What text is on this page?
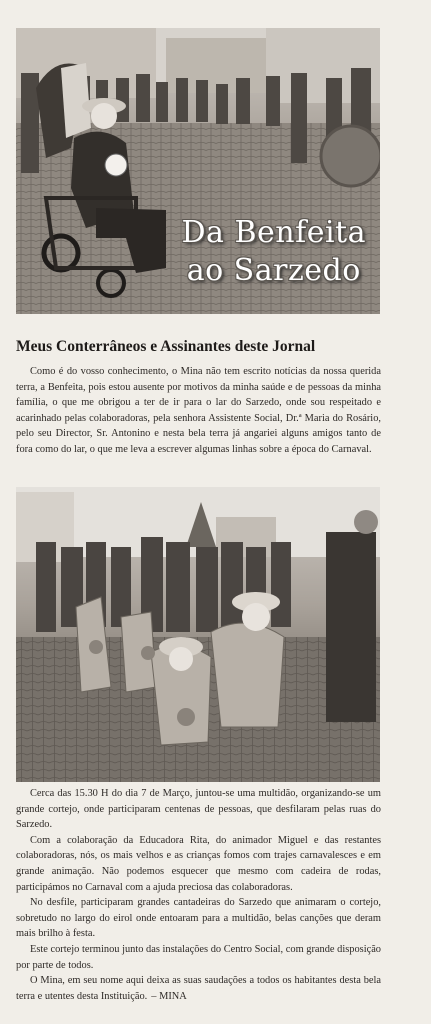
Da Benfeita
ao Sarzedo
Meus Conterrâneos e Assinantes deste Jornal

Como é do vosso conhecimento, o Mina não tem escrito notícias da nossa querida terra, a Benfeita, pois estou ausente por motivos da minha saúde e de pessoas da minha família, o que me obrigou a ter de ir para o lar do Sarzedo, onde sou respeitado e acarinhado pelas colaboradoras, pela senhora Assistente Social, Dr.ª Maria do Rosário, pelo seu Director, Sr. Antonino e nesta bela terra já angariei alguns amigos tanto de fora como do lar, o que me leva a escrever algumas linhas sobre a época do Carnaval.

Cerca das 15.30 H do dia 7 de Março, juntou-se uma multidão, organizando-se um grande cortejo, onde participaram centenas de pessoas, que desfilaram pelas ruas do Sarzedo.

Com a colaboração da Educadora Rita, do animador Miguel e das restantes colaboradoras, nós, os mais velhos e as crianças fomos com trajes carnavalesces e em grande animação. Não podemos esquecer que mesmo com cadeira de rodas, participámos no Carnaval com a ajuda preciosa das colaboradoras.

No desfile, participaram grandes cantadeiras do Sarzedo que animaram o cortejo, sobretudo no largo do eirol onde entoaram para a multidão, belas canções que deram mais brilho à festa.

Este cortejo terminou junto das instalações do Centro Social, com grande disposição por parte de todos.

O Mina, em seu nome aqui deixa as suas saudações a todos os habitantes desta bela terra e utentes desta Instituição. – MINA
